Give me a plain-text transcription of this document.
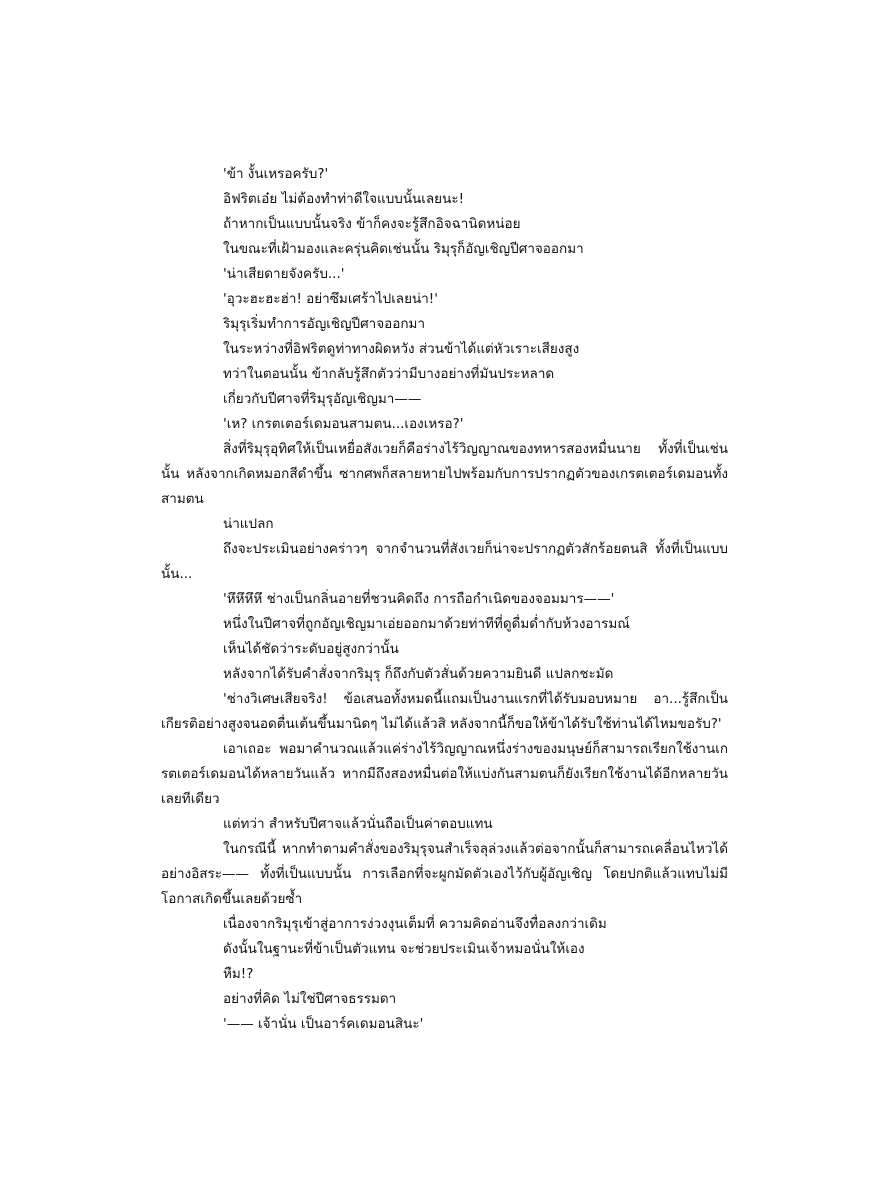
'ข้า งั้นเหรอครับ?'

อิฟริตเอ๋ย ไม่ต้องทำท่าดีใจแบบนั้นเลยนะ!

ถ้าหากเป็นแบบนั้นจริง ข้าก็คงจะรู้สึกอิจฉานิดหน่อย

ในขณะที่เฝ้ามองและครุ่นคิดเช่นนั้น ริมุรุก็อัญเชิญปีศาจออกมา

'น่าเสียดายจังครับ...'

'อุวะฮะฮะฮ่า! อย่าซึมเศร้าไปเลยน่า!'

ริมุรุเริ่มทำการอัญเชิญปีศาจออกมา

ในระหว่างที่อิฟริตดูท่าทางผิดหวัง ส่วนข้าได้แต่หัวเราะเสียงสูง

ทว่าในตอนนั้น ข้ากลับรู้สึกตัวว่ามีบางอย่างที่มันประหลาด

เกี่ยวกับปีศาจที่ริมุรุอัญเชิญมา——

'เห? เกรตเตอร์เดมอนสามตน...เองเหรอ?'

สิ่งที่ริมุรุอุทิศให้เป็นเหยื่อสังเวยก็คือร่างไร้วิญญาณของทหารสองหมื่นนาย ทั้งที่เป็นเช่นนั้น หลังจากเกิดหมอกสีดำขึ้น ซากศพก็สลายหายไปพร้อมกับการปรากฏตัวของเกรตเตอร์เดมอนทั้งสามตน

น่าแปลก

ถึงจะประเมินอย่างคร่าวๆ จากจำนวนที่สังเวยก็น่าจะปรากฏตัวสักร้อยตนสิ ทั้งที่เป็นแบบนั้น...

'หึหึหึหึ ช่างเป็นกลิ่นอายที่ชวนคิดถึง การถือกำเนิดของจอมมาร——'

หนึ่งในปีศาจที่ถูกอัญเชิญมาเอ่ยออกมาด้วยท่าทีที่ดูดื่มด่ำกับห้วงอารมณ์

เห็นได้ชัดว่าระดับอยู่สูงกว่านั้น

หลังจากได้รับคำสั่งจากริมุรุ ก็ถึงกับตัวสั่นด้วยความยินดี แปลกชะมัด

'ช่างวิเศษเสียจริง! ข้อเสนอทั้งหมดนี้แถมเป็นงานแรกที่ได้รับมอบหมาย อา...รู้สึกเป็นเกียรติอย่างสูงจนอดตื่นเต้นขึ้นมานิดๆ ไม่ได้แล้วสิ หลังจากนี้ก็ขอให้ข้าได้รับใช้ท่านได้ไหมขอรับ?'

เอาเถอะ พอมาคำนวณแล้วแค่ร่างไร้วิญญาณหนึ่งร่างของมนุษย์ก็สามารถเรียกใช้งานเกรตเตอร์เดมอนได้หลายวันแล้ว หากมีถึงสองหมื่นต่อให้แบ่งกันสามตนก็ยังเรียกใช้งานได้อีกหลายวันเลยทีเดียว

แต่ทว่า สำหรับปีศาจแล้วนั่นถือเป็นค่าตอบแทน

ในกรณีนี้ หากทำตามคำสั่งของริมุรุจนสำเร็จลุล่วงแล้วต่อจากนั้นก็สามารถเคลื่อนไหวได้อย่างอิสระ—— ทั้งที่เป็นแบบนั้น การเลือกที่จะผูกมัดตัวเองไว้กับผู้อัญเชิญ โดยปกติแล้วแทบไม่มีโอกาสเกิดขึ้นเลยด้วยซ้ำ

เนื่องจากริมุรุเข้าสู่อาการง่วงงุนเต็มที่ ความคิดอ่านจึงทื่อลงกว่าเดิม

ดังนั้นในฐานะที่ข้าเป็นตัวแทน จะช่วยประเมินเจ้าหมอนั่นให้เอง

หืม!?

อย่างที่คิด ไม่ใช่ปีศาจธรรมดา

'—— เจ้านั่น เป็นอาร์คเดมอนสินะ'
